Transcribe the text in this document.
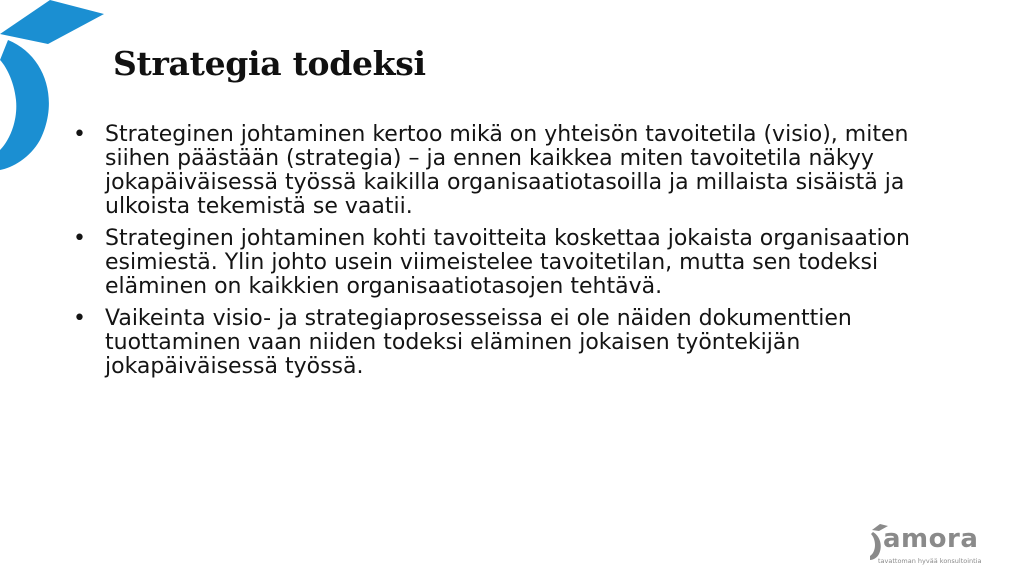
Strategia todeksi
• Strateginen johtaminen kertoo mikä on yhteisön tavoitetila (visio), miten siihen päästään (strategia) – ja ennen kaikkea miten tavoitetila näkyy jokapäiväisessä työssä kaikilla organisaatiotasoilla ja millaista sisäistä ja ulkoista tekemistä se vaatii.
• Strateginen johtaminen kohti tavoitteita koskettaa jokaista organisaation esimiestä. Ylin johto usein viimeistelee tavoitetilan, mutta sen todeksi eläminen on kaikkien organisaatiotasojen tehtävä.
• Vaikeinta visio- ja strategiaprosesseissa ei ole näiden dokumenttien tuottaminen vaan niiden todeksi eläminen jokaisen työntekijän jokapäiväisessä työssä.
amora
tavattoman hyvää konsultointia
